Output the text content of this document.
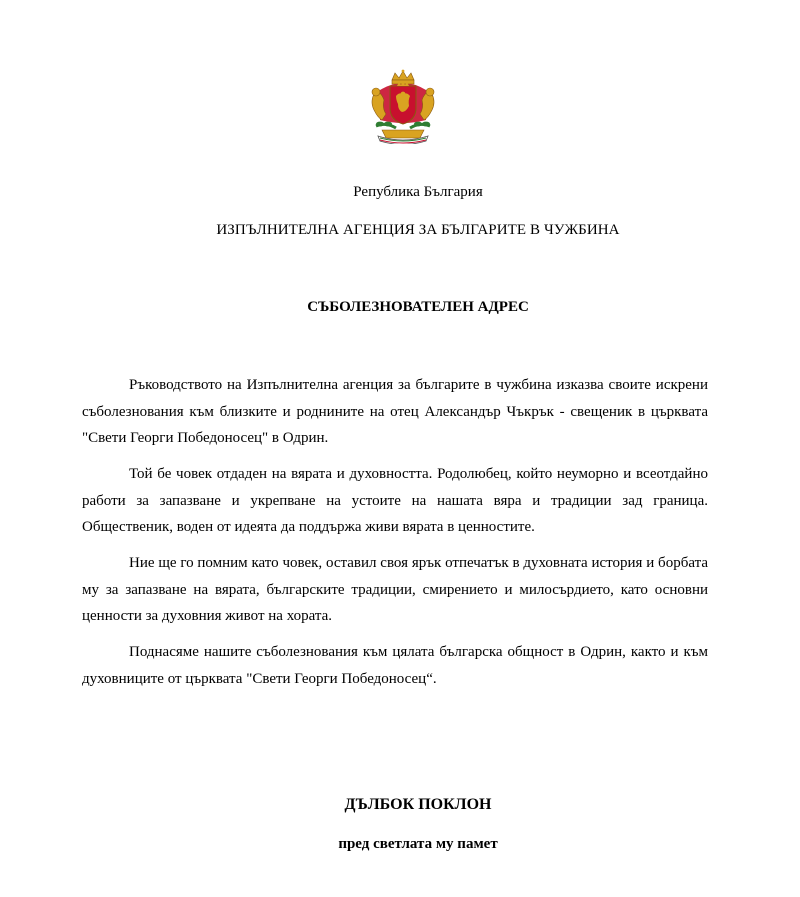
Република България
ИЗПЪЛНИТЕЛНА АГЕНЦИЯ ЗА БЪЛГАРИТЕ В ЧУЖБИНА
СЪБОЛЕЗНОВАТЕЛЕН АДРЕС

Ръководството на Изпълнителна агенция за българите в чужбина изказва своите искрени съболезнования към близките и роднините на отец Александър Чъкрък - свещеник в църквата "Свети Георги Победоносец" в Одрин.

Той бе човек отдаден на вярата и духовността. Родолюбец, който неуморно и всеотдайно работи за запазване и укрепване на устоите на нашата вяра и традиции зад граница. Общественик, воден от идеята да поддържа живи вярата в ценностите.

Ние ще го помним като човек, оставил своя ярък отпечатък в духовната история и борбата му за запазване на вярата, българските традиции, смирението и милосърдието, като основни ценности за духовния живот на хората.

Поднасяме нашите съболезнования към цялата българска общност в Одрин, както и към духовниците от църквата "Свети Георги Победоносец“.

ДЪЛБОК ПОКЛОН
пред светлата му памет
